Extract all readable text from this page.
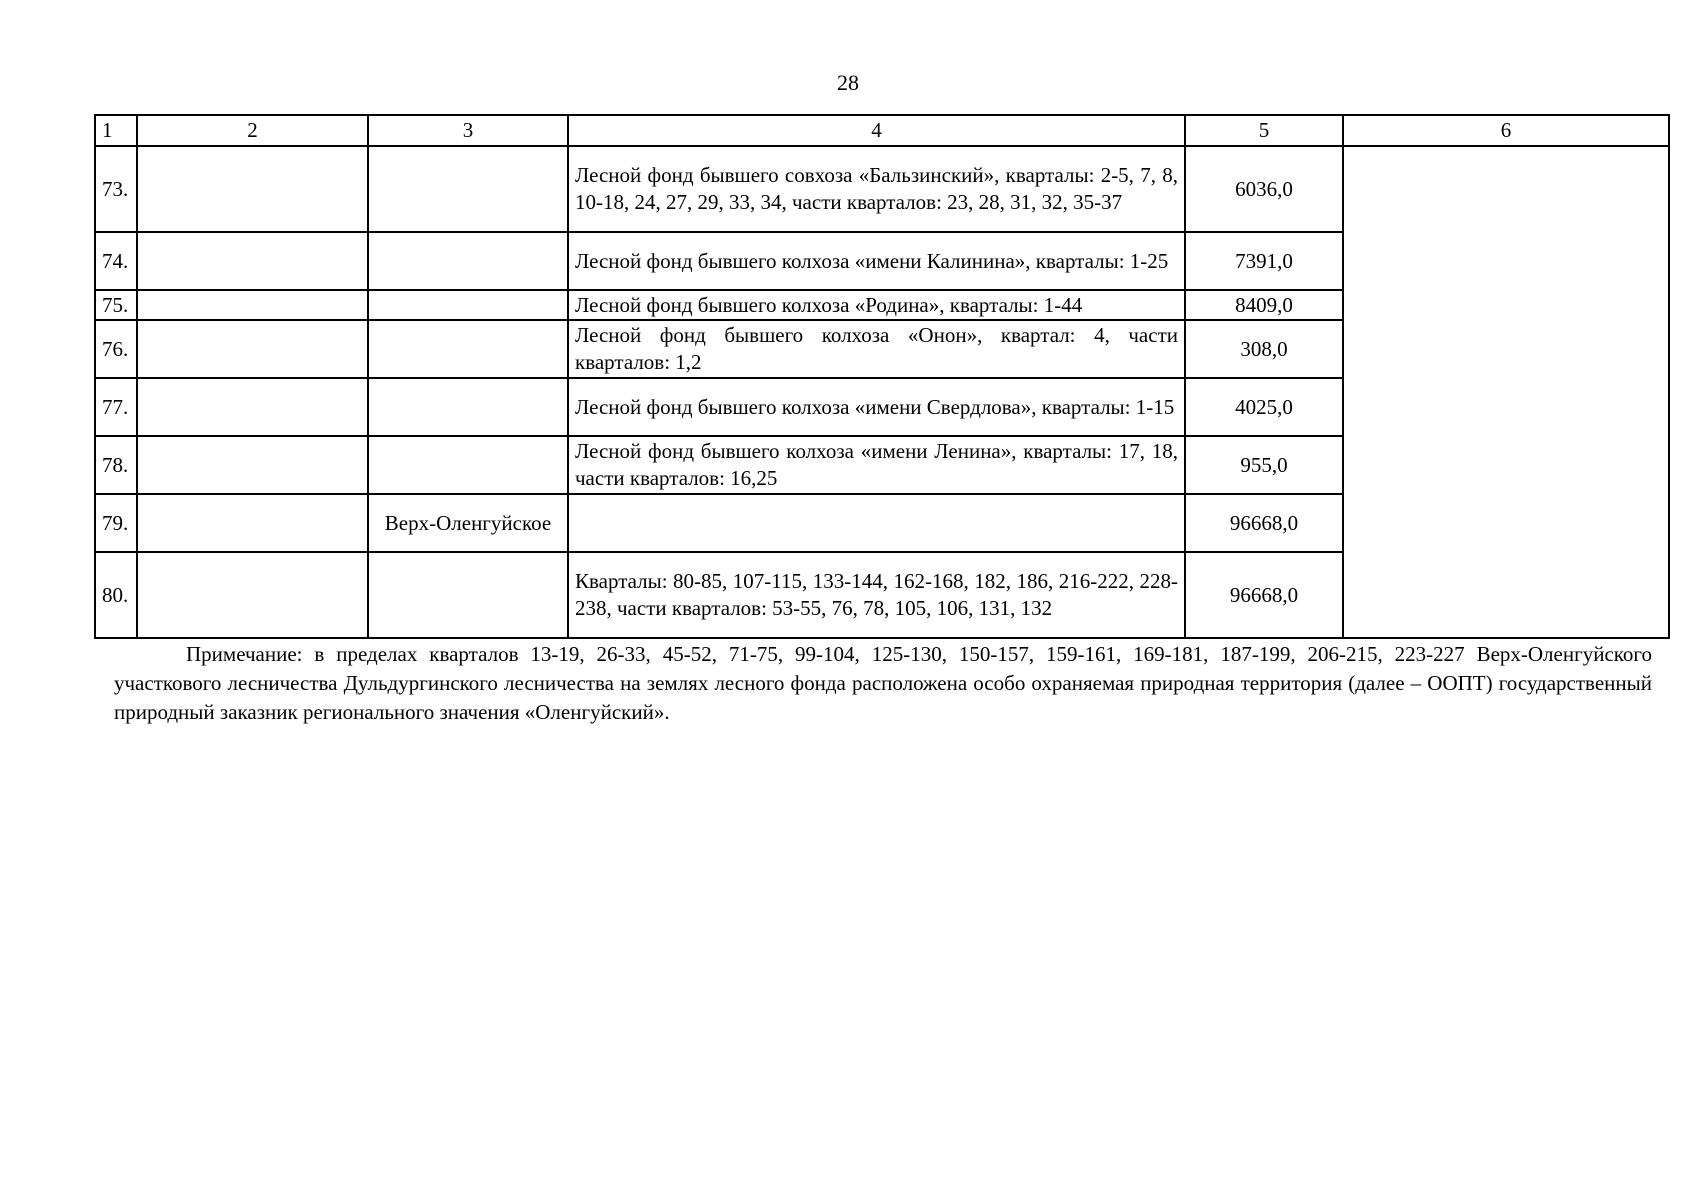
28
1	2	3	4	5	6
73.			Лесной фонд бывшего совхоза «Бальзинский», кварталы: 2-5, 7, 8, 10-18, 24, 27, 29, 33, 34, части кварталов: 23, 28, 31, 32, 35-37	6036,0	
74.			Лесной фонд бывшего колхоза «имени Калинина», кварталы: 1-25	7391,0	
75.			Лесной фонд бывшего колхоза «Родина», кварталы: 1-44	8409,0	
76.			Лесной фонд бывшего колхоза «Онон», квартал: 4, части кварталов: 1,2	308,0	
77.			Лесной фонд бывшего колхоза «имени Свердлова», кварталы: 1-15	4025,0	
78.			Лесной фонд бывшего колхоза «имени Ленина», кварталы: 17, 18, части кварталов: 16,25	955,0	
79.		Верх-Оленгуйское		96668,0	
80.			Кварталы: 80-85, 107-115, 133-144, 162-168, 182, 186, 216-222, 228-238, части кварталов: 53-55, 76, 78, 105, 106, 131, 132	96668,0	
Примечание: в пределах кварталов 13-19, 26-33, 45-52, 71-75, 99-104, 125-130, 150-157, 159-161, 169-181, 187-199, 206-215, 223-227 Верх-Оленгуйского участкового лесничества Дульдургинского лесничества на землях лесного фонда расположена особо охраняемая природная территория (далее – ООПТ) государственный природный заказник регионального значения «Оленгуйский».
